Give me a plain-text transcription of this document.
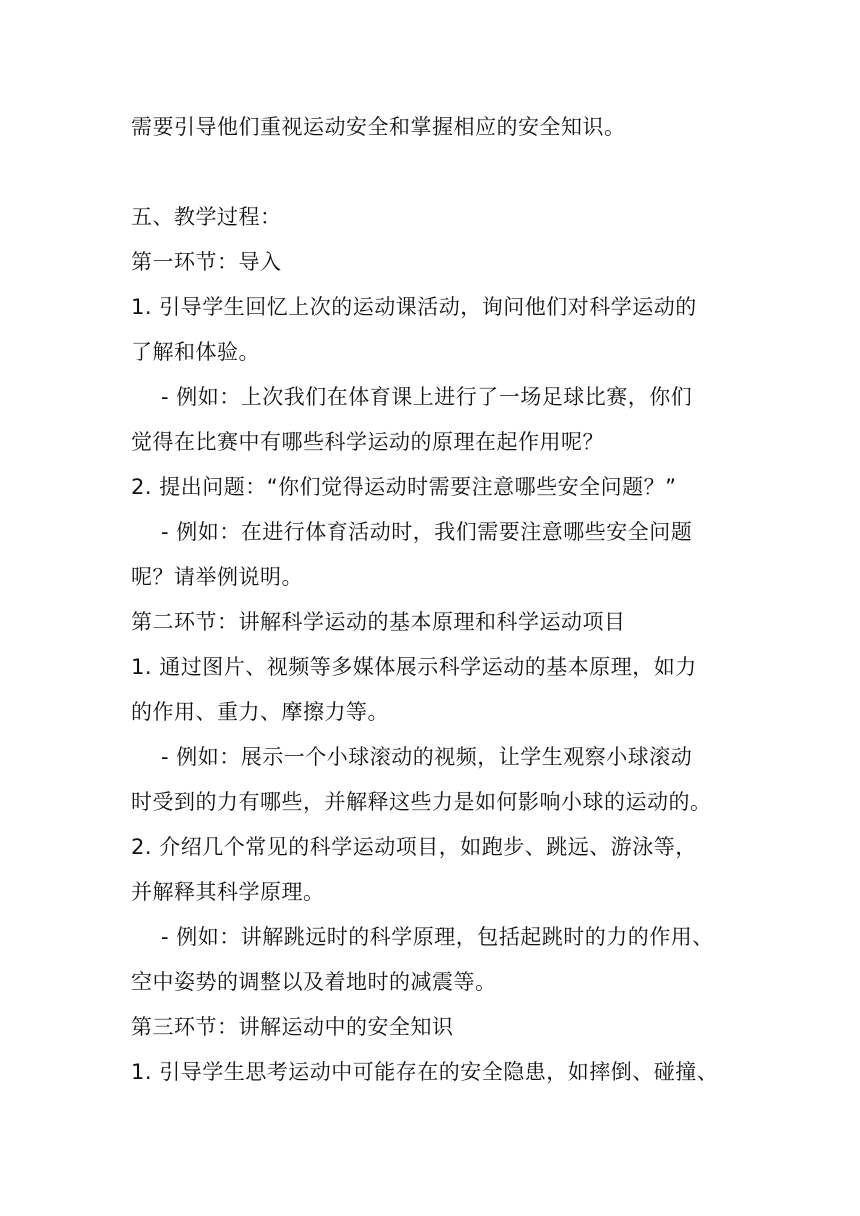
需要引导他们重视运动安全和掌握相应的安全知识。
五、教学过程：
第一环节：导入
1. 引导学生回忆上次的运动课活动，询问他们对科学运动的
了解和体验。
- 例如：上次我们在体育课上进行了一场足球比赛，你们
觉得在比赛中有哪些科学运动的原理在起作用呢？
2. 提出问题：“你们觉得运动时需要注意哪些安全问题？”
- 例如：在进行体育活动时，我们需要注意哪些安全问题
呢？请举例说明。
第二环节：讲解科学运动的基本原理和科学运动项目
1. 通过图片、视频等多媒体展示科学运动的基本原理，如力
的作用、重力、摩擦力等。
- 例如：展示一个小球滚动的视频，让学生观察小球滚动
时受到的力有哪些，并解释这些力是如何影响小球的运动的。
2. 介绍几个常见的科学运动项目，如跑步、跳远、游泳等，
并解释其科学原理。
- 例如：讲解跳远时的科学原理，包括起跳时的力的作用、
空中姿势的调整以及着地时的减震等。
第三环节：讲解运动中的安全知识
1. 引导学生思考运动中可能存在的安全隐患，如摔倒、碰撞、
